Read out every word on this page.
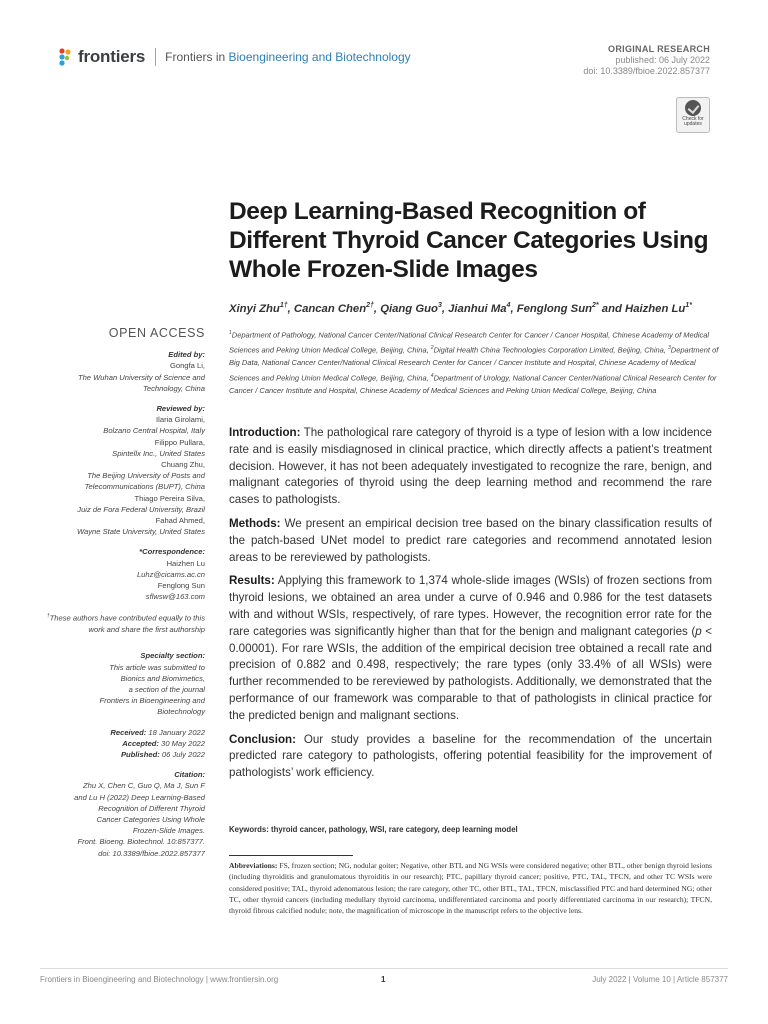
frontiers Frontiers in Bioengineering and Biotechnology
ORIGINAL RESEARCH
published: 06 July 2022
doi: 10.3389/fbioe.2022.857377
Check for updates
Deep Learning-Based Recognition of Different Thyroid Cancer Categories Using Whole Frozen-Slide Images
Xinyi Zhu$^{1\dagger}$, Cancan Chen$^{2\dagger}$, Qiang Guo$^3$, Jianhui Ma$^4$, Fenglong Sun$^{2*}$ and Haizhen $Lu^{1*}$
$^1$Department of Pathology, National Cancer Center/National Clinical Research Center for Cancer / Cancer Hospital, Chinese Academy of Medical Sciences and Peking Union Medical College, Beijing, China, $^2$Digital Health China Technologies Corporation Limited, Beijing, China, $^3$Department of Big Data, National Cancer Center/National Clinical Research Center for Cancer / Cancer Institute and Hospital, Chinese Academy of Medical Sciences and Peking Union Medical College, Beijing, China, $^4$Department of Urology, National Cancer Center/National Clinical Research Center for Cancer / Cancer Institute and Hospital, Chinese Academy of Medical Sciences and Peking Union Medical College, Beijing, China
OPEN ACCESS
Edited by:
Gongfa Li,
The Wuhan University of Science and
Technology, China
Reviewed by:
Ilaria Girolami,
Bolzano Central Hospital, Italy
Filippo Pullara,
Spintellx Inc., United States
Chuang Zhu,
The Beijing University of Posts and
Telecommunications (BUPT), China
Thiago Pereira Silva,
Juiz de Fora Federal University, Brazil
Fahad Ahmed,
Wayne State University, United States
*Correspondence:
Haizhen Lu
Luhz@cicams.ac.cn
Fenglong Sun
sflwsw@163.com
†These authors have contributed equally to this work and share the first authorship
Specialty section:
This article was submitted to
Bionics and Biomimetics,
a section of the journal
Frontiers in Bioengineering and
Biotechnology
Received: 18 January 2022
Accepted: 30 May 2022
Published: 06 July 2022
Citation:
Zhu X, Chen C, Guo Q, Ma J, Sun F
and Lu H (2022) Deep Learning-Based
Recognition of Different Thyroid
Cancer Categories Using Whole
Frozen-Slide Images.
Front. Bioeng. Biotechnol. 10:857377.
doi: 10.3389/fbioe.2022.857377

Introduction: The pathological rare category of thyroid is a type of lesion with a low incidence rate and is easily misdiagnosed in clinical practice, which directly affects a patient’s treatment decision. However, it has not been adequately investigated to recognize the rare, benign, and malignant categories of thyroid using the deep learning method and recommend the rare cases to pathologists.

Methods: We present an empirical decision tree based on the binary classification results of the patch-based UNet model to predict rare categories and recommend annotated lesion areas to be rereviewed by pathologists.

Results: Applying this framework to 1,374 whole-slide images (WSIs) of frozen sections from thyroid lesions, we obtained an area under a curve of 0.946 and 0.986 for the test datasets with and without WSIs, respectively, of rare types. However, the recognition error rate for the rare categories was significantly higher than that for the benign and malignant categories (p < 0.00001). For rare WSIs, the addition of the empirical decision tree obtained a recall rate and precision of 0.882 and 0.498, respectively; the rare types (only 33.4% of all WSIs) were further recommended to be rereviewed by pathologists. Additionally, we demonstrated that the performance of our framework was comparable to that of pathologists in clinical practice for the predicted benign and malignant sections.

Conclusion: Our study provides a baseline for the recommendation of the uncertain predicted rare category to pathologists, offering potential feasibility for the improvement of pathologists’ work efficiency.

Keywords: thyroid cancer, pathology, WSI, rare category, deep learning model
Abbreviations: FS, frozen section; NG, nodular goiter; Negative, other BTL and NG WSIs were considered negative; other BTL, other benign thyroid lesions (including thyroiditis and granulomatous thyroiditis in our research); PTC, papillary thyroid cancer; positive, PTC, TAL, TFCN, and other TC WSIs were considered positive; TAL, thyroid adenomatous lesion; the rare category, other TC, other BTL, TAL, TFCN, misclassified PTC and hard determined NG; other TC, other thyroid cancers (including medullary thyroid carcinoma, undifferentiated carcinoma and poorly differentiated carcinoma in our research); TFCN, thyroid fibrous calcified nodule; note, the magnification of microscope in the manuscript refers to the objective lens.
Frontiers in Bioengineering and Biotechnology | www.frontiersin.org	1	July 2022 | Volume 10 | Article 857377
